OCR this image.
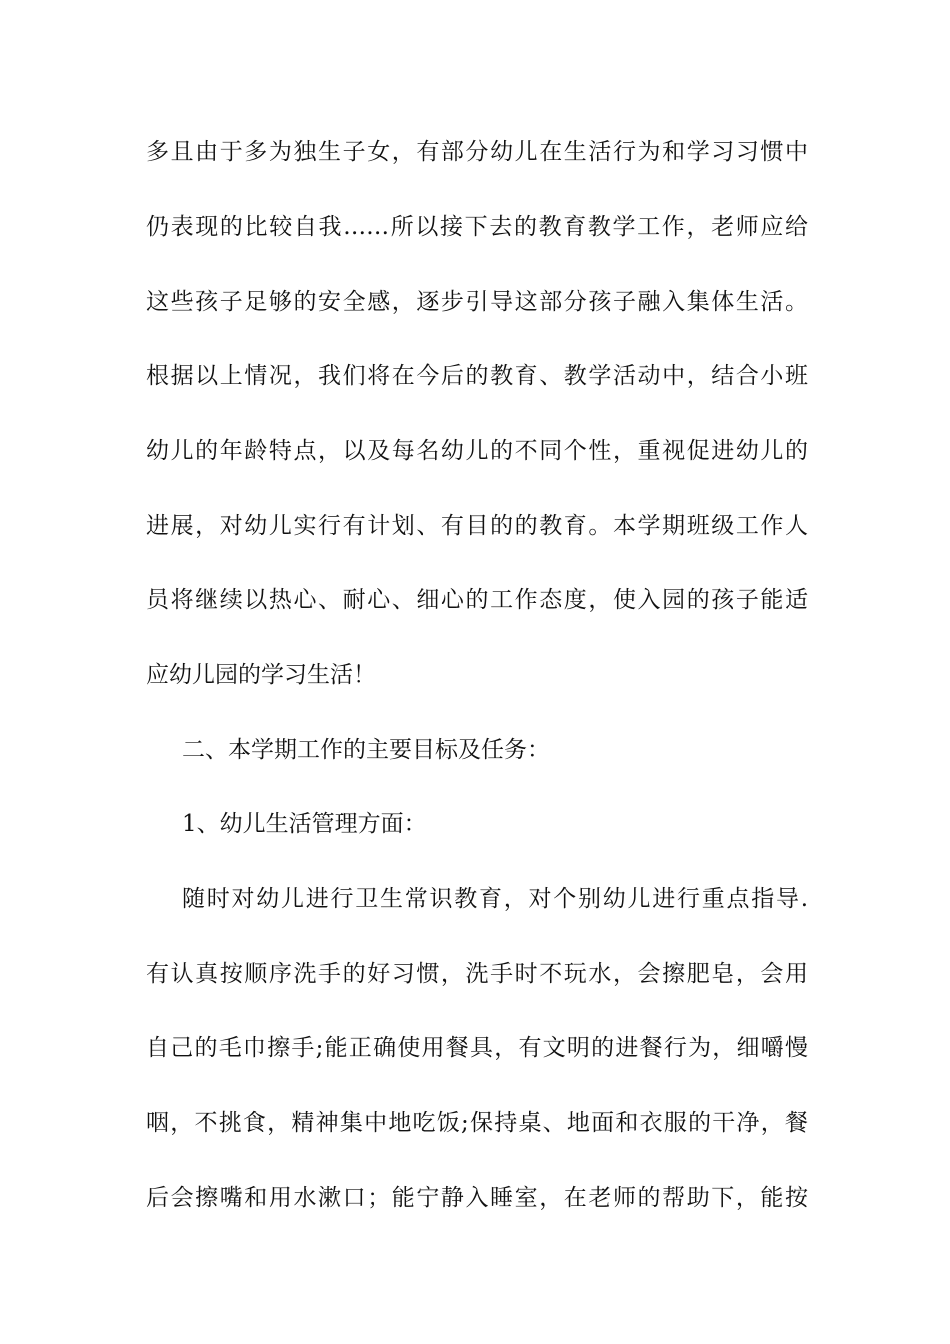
多且由于多为独生子女，有部分幼儿在生活行为和学习习惯中
仍表现的比较自我……所以接下去的教育教学工作，老师应给
这些孩子足够的安全感，逐步引导这部分孩子融入集体生活。
根据以上情况，我们将在今后的教育、教学活动中，结合小班
幼儿的年龄特点，以及每名幼儿的不同个性，重视促进幼儿的
进展，对幼儿实行有计划、有目的的教育。本学期班级工作人
员将继续以热心、耐心、细心的工作态度，使入园的孩子能适
应幼儿园的学习生活！
二、本学期工作的主要目标及任务：
1、幼儿生活管理方面：
随时对幼儿进行卫生常识教育，对个别幼儿进行重点指导.
有认真按顺序洗手的好习惯，洗手时不玩水，会擦肥皂，会用
自己的毛巾擦手;能正确使用餐具，有文明的进餐行为，细嚼慢
咽，不挑食，精神集中地吃饭;保持桌、地面和衣服的干净，餐
后会擦嘴和用水漱口；能宁静入睡室，在老师的帮助下，能按
